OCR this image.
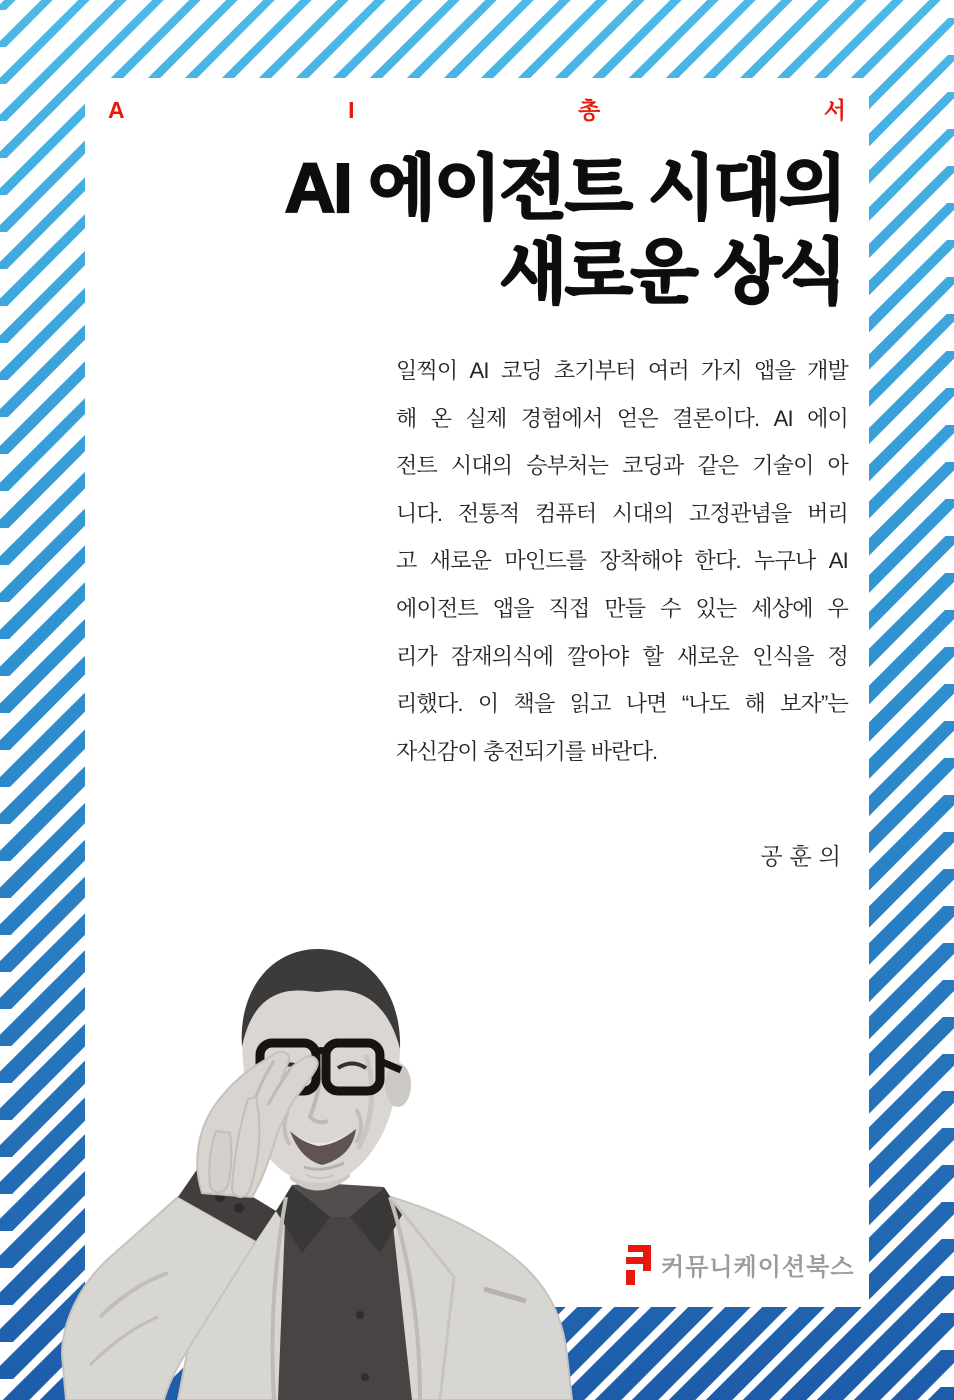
A	I	총	서
AI 에이전트 시대의
새로운 상식
일찍이 AI 코딩 초기부터 여러 가지 앱을 개발
해 온 실제 경험에서 얻은 결론이다. AI 에이
전트 시대의 승부처는 코딩과 같은 기술이 아
니다. 전통적 컴퓨터 시대의 고정관념을 버리
고 새로운 마인드를 장착해야 한다. 누구나 AI
에이전트 앱을 직접 만들 수 있는 세상에 우
리가 잠재의식에 깔아야 할 새로운 인식을 정
리했다. 이 책을 읽고 나면 “나도 해 보자”는
자신감이 충전되기를 바란다.
공훈의
커뮤니케이션북스
